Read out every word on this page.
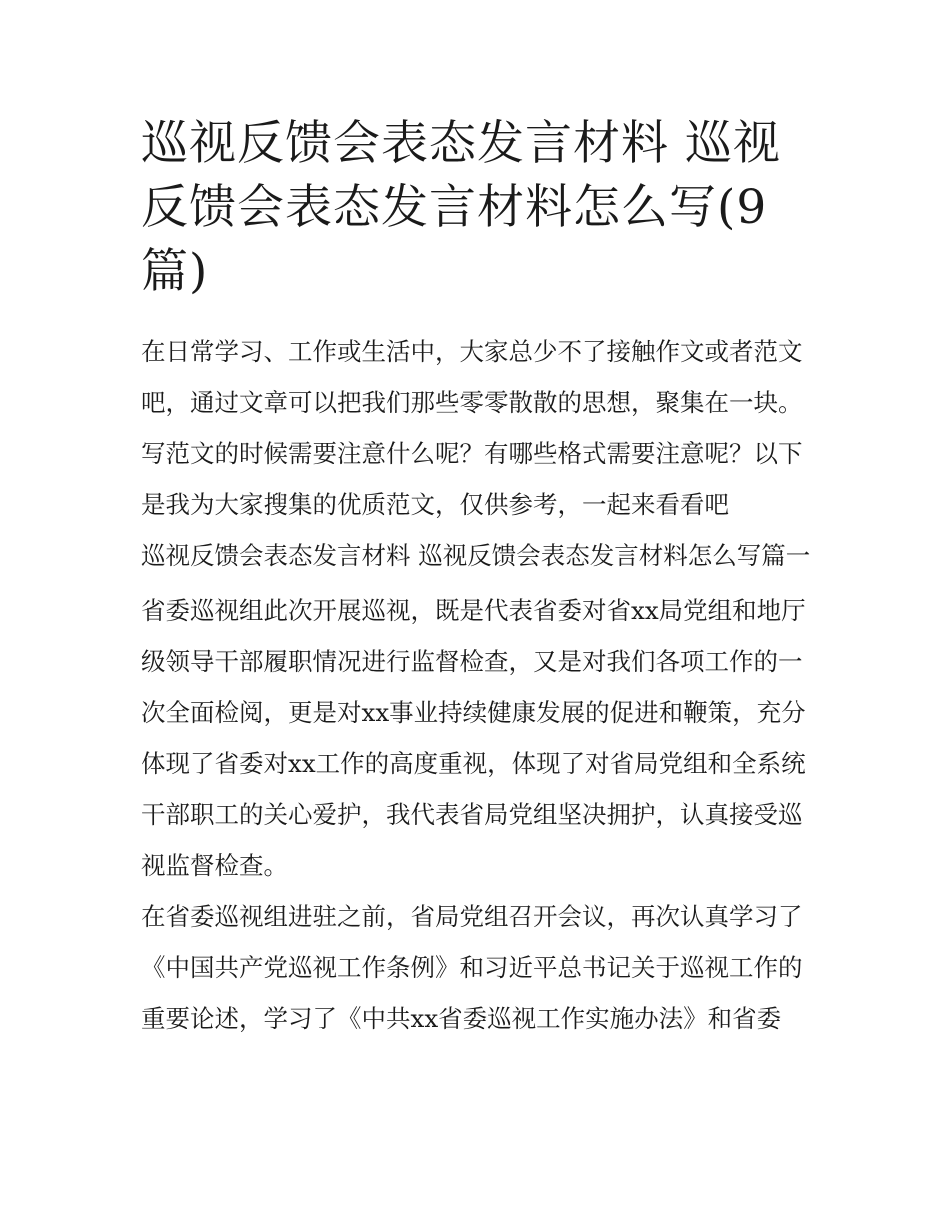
巡视反馈会表态发言材料 巡视反馈会表态发言材料怎么写(9篇)

在日常学习、工作或生活中，大家总少不了接触作文或者范文吧，通过文章可以把我们那些零零散散的思想，聚集在一块。写范文的时候需要注意什么呢？有哪些格式需要注意呢？以下是我为大家搜集的优质范文，仅供参考，一起来看看吧

巡视反馈会表态发言材料 巡视反馈会表态发言材料怎么写篇一

省委巡视组此次开展巡视，既是代表省委对省xx局党组和地厅级领导干部履职情况进行监督检查，又是对我们各项工作的一次全面检阅，更是对xx事业持续健康发展的促进和鞭策，充分体现了省委对xx工作的高度重视，体现了对省局党组和全系统干部职工的关心爱护，我代表省局党组坚决拥护，认真接受巡视监督检查。

在省委巡视组进驻之前，省局党组召开会议，再次认真学习了《中国共产党巡视工作条例》和习近平总书记关于巡视工作的重要论述，学习了《中共xx省委巡视工作实施办法》和省委
